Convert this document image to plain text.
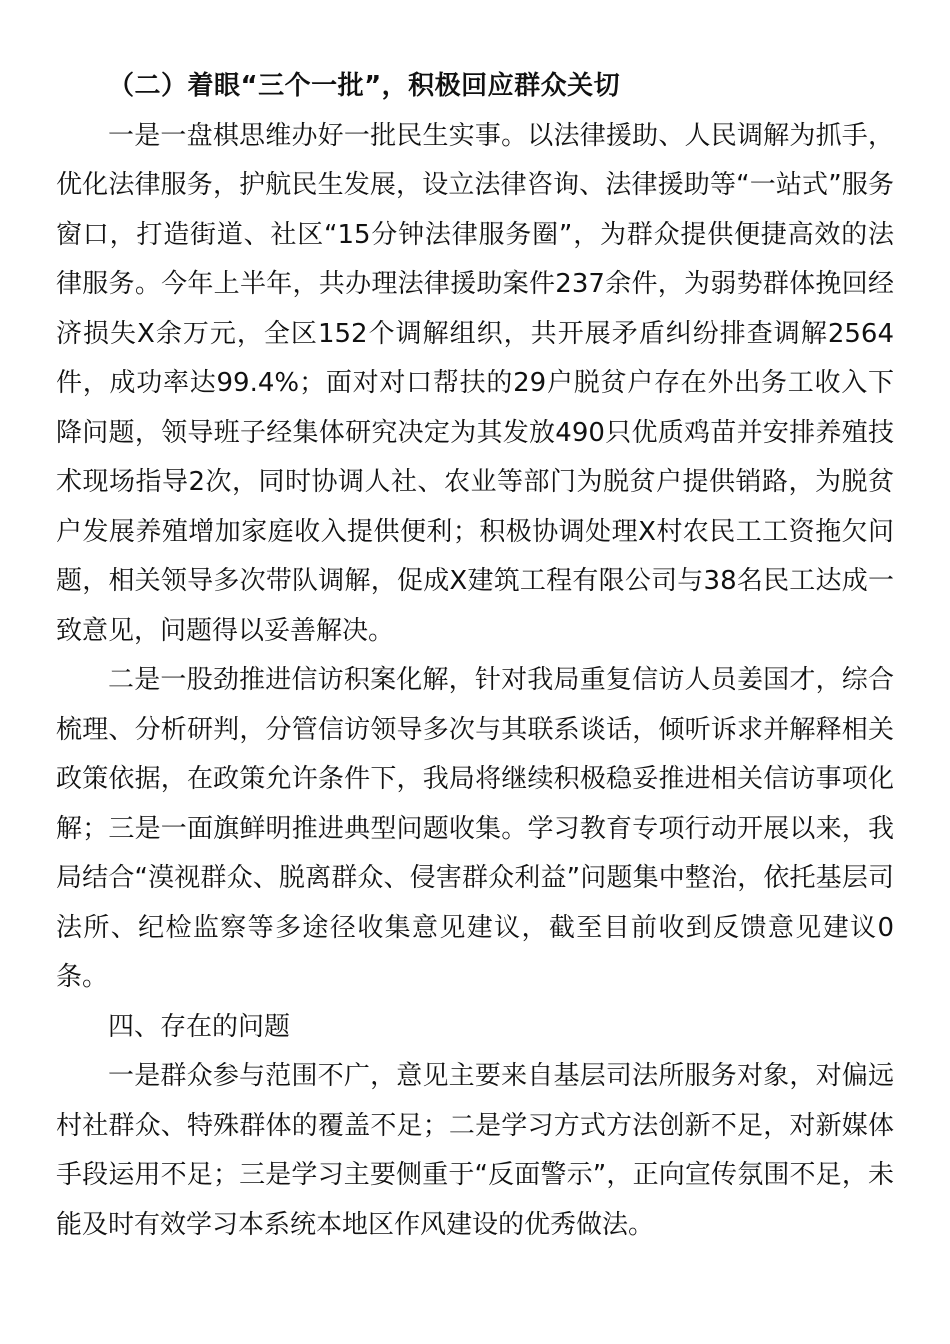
（二）着眼“三个一批”，积极回应群众关切

一是一盘棋思维办好一批民生实事。以法律援助、人民调解为抓手，优化法律服务，护航民生发展，设立法律咨询、法律援助等“一站式”服务窗口，打造街道、社区“15分钟法律服务圈”，为群众提供便捷高效的法律服务。今年上半年，共办理法律援助案件237余件，为弱势群体挽回经济损失X余万元，全区152个调解组织，共开展矛盾纠纷排查调解2564件，成功率达99.4%；面对对口帮扶的29户脱贫户存在外出务工收入下降问题，领导班子经集体研究决定为其发放490只优质鸡苗并安排养殖技术现场指导2次，同时协调人社、农业等部门为脱贫户提供销路，为脱贫户发展养殖增加家庭收入提供便利；积极协调处理X村农民工工资拖欠问题，相关领导多次带队调解，促成X建筑工程有限公司与38名民工达成一致意见，问题得以妥善解决。

二是一股劲推进信访积案化解，针对我局重复信访人员姜国才，综合梳理、分析研判，分管信访领导多次与其联系谈话，倾听诉求并解释相关政策依据，在政策允许条件下，我局将继续积极稳妥推进相关信访事项化解；三是一面旗鲜明推进典型问题收集。学习教育专项行动开展以来，我局结合“漠视群众、脱离群众、侵害群众利益”问题集中整治，依托基层司法所、纪检监察等多途径收集意见建议，截至目前收到反馈意见建议0条。

四、存在的问题

一是群众参与范围不广，意见主要来自基层司法所服务对象，对偏远村社群众、特殊群体的覆盖不足；二是学习方式方法创新不足，对新媒体手段运用不足；三是学习主要侧重于“反面警示”，正向宣传氛围不足，未能及时有效学习本系统本地区作风建设的优秀做法。
